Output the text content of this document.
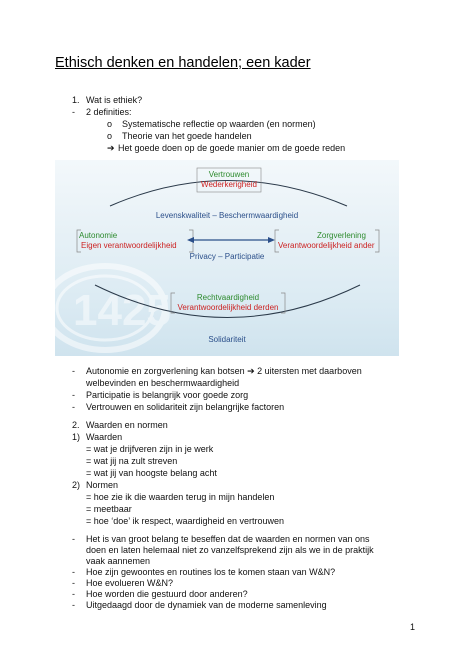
Ethisch denken en handelen; een kader
1. Wat is ethiek?
- 2 definities:
o Systematische reflectie op waarden (en normen)
o Theorie van het goede handelen
➔ Het goede doen op de goede manier om de goede reden
1425
Vertrouwen
Wederkerigheid
Levenskwaliteit – Beschermwaardigheid
Autonomie
Eigen verantwoordelijkheid
Zorgverlening
Verantwoordelijkheid ander
Privacy – Participatie
Rechtvaardigheid
Verantwoordelijkheid derden
Solidariteit
- Autonomie en zorgverlening kan botsen ➔ 2 uitersten met daarboven
welbevinden en beschermwaardigheid
- Participatie is belangrijk voor goede zorg
- Vertrouwen en solidariteit zijn belangrijke factoren
2. Waarden en normen
1) Waarden
= wat je drijfveren zijn in je werk
= wat jij na zult streven
= wat jij van hoogste belang acht
2) Normen
= hoe zie ik die waarden terug in mijn handelen
= meetbaar
= hoe ‘doe’ ik respect, waardigheid en vertrouwen
- Het is van groot belang te beseffen dat de waarden en normen van ons
doen en laten helemaal niet zo vanzelfsprekend zijn als we in de praktijk
vaak aannemen
- Hoe zijn gewoontes en routines los te komen staan van W&N?
- Hoe evolueren W&N?
- Hoe worden die gestuurd door anderen?
- Uitgedaagd door de dynamiek van de moderne samenleving
1
